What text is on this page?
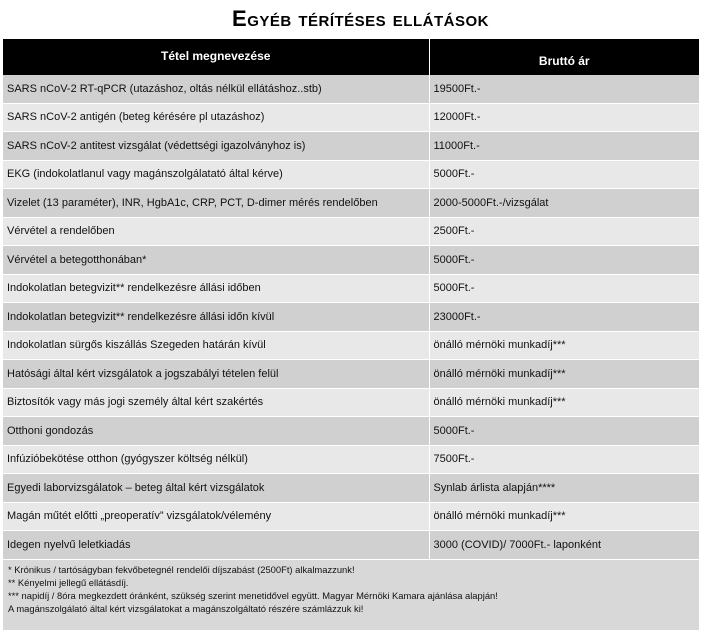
Egyéb térítéses ellátások
Tétel megnevezése	Bruttó ár
SARS nCoV-2 RT-qPCR (utazáshoz, oltás nélkül ellátáshoz..stb)	19500Ft.-
SARS nCoV-2 antigén (beteg kérésére pl utazáshoz)	12000Ft.-
SARS nCoV-2 antitest vizsgálat (védettségi igazolványhoz is)	11000Ft.-
EKG (indokolatlanul vagy magánszolgálatató által kérve)	5000Ft.-
Vizelet (13 paraméter), INR, HgbA1c, CRP, PCT, D-dimer mérés rendelőben	2000-5000Ft.-/vizsgálat
Vérvétel a rendelőben	2500Ft.-
Vérvétel a betegotthonában*	5000Ft.-
Indokolatlan betegvizit** rendelkezésre állási időben	5000Ft.-
Indokolatlan betegvizit** rendelkezésre állási időn kívül	23000Ft.-
Indokolatlan sürgős kiszállás Szegeden határán kívül	önálló mérnöki munkadíj***
Hatósági által kért vizsgálatok a jogszabályi tételen felül	önálló mérnöki munkadíj***
Biztosítók vagy más jogi személy által kért szakértés	önálló mérnöki munkadíj***
Otthoni gondozás	5000Ft.-
Infúzióbekötése otthon (gyógyszer költség nélkül)	7500Ft.-
Egyedi laborvizsgálatok – beteg által kért vizsgálatok	Synlab árlista alapján****
Magán műtét előtti „preoperatív” vizsgálatok/vélemény	önálló mérnöki munkadíj***
Idegen nyelvű leletkiadás	3000 (COVID)/ 7000Ft.- laponként
* Krónikus / tartóságyban fekvőbetegnél rendelői díjszabást (2500Ft) alkalmazzunk!
** Kényelmi jellegű ellátásdíj.
*** napidíj / 8óra megkezdett óránként, szükség szerint menetidővel együtt. Magyar Mérnöki Kamara ajánlása alapján!
A magánszolgálató által kért vizsgálatokat a magánszolgáltató részére számlázzuk ki!
